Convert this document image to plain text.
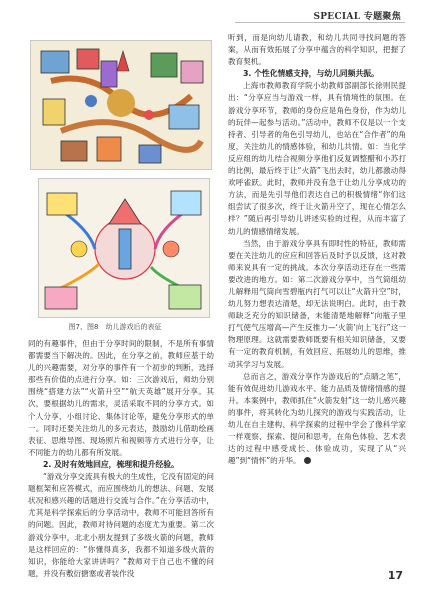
SPECIAL 专题聚焦
图7、图8　幼儿游戏后的表征

同的有趣事件，但由于分享时间的限制，不是所有事情都需要当下解决的。因此，在分享之前，教师应基于幼儿的兴趣需要，对分享的事件有一个初步的判断，选择那些有价值的点进行分享。如：三次游戏后，师幼分别围绕“搭建方法”“火箭升空”“航天英雄”展开分享。其次，要根据幼儿的需求，灵活采取不同的分享方式。如个人分享、小组讨论、集体讨论等，避免分享形式的单一。同时还要关注幼儿的多元表达，鼓励幼儿借助绘画表征、思维导图、现场照片和视频等方式进行分享，让不同能力的幼儿都有所发展。

2. 及时有效地回应，梳理和提升经验。

“游戏分享交流具有极大的生成性，它没有固定的问题框架和应答模式，而应围绕幼儿的想法、问题、发展状况和感兴趣的话题进行交流与合作。”在分享活动中，尤其是科学探索后的分享活动中，教师不可能回答所有的问题。因此，教师对待问题的态度尤为重要。第二次游戏分享中，北北小朋友提到了多级火箭的问题，教师是这样回应的：“你懂得真多，我都不知道多级火箭的知识，你能给大家讲讲吗？”教师对于自己也不懂的问题，并没有敷衍搪塞或者装作没

听到，而是向幼儿请教，和幼儿共同寻找问题的答案，从而有效拓展了分享中蕴含的科学知识，把握了教育契机。

3. 个性化情感支持，与幼儿同频共振。

上海市教师教育学院小幼教师部副部长徐则民提出：“分享应当与游戏一样，具有情境性的氛围。在游戏分享环节，教师的身份应是角色身份，作为幼儿的玩伴—起参与活动。”活动中，教师不仅是以一个支持者、引导者的角色引导幼儿，也站在“合作者”的角度，关注幼儿的情感体验，和幼儿共情。如：当化学反应组的幼儿结合视频分享他们反复调整醋和小苏打的比例，最后终于让“火箭”飞出去时，幼儿都激动得欢呼雀跃。此时，教师并没有急于让幼儿分享成功的方法，而是先引导他们表达自己的积极情绪“你们这组尝试了很多次，终于让火箭升空了，现在心情怎么样？”随后再引导幼儿讲述实验的过程，从而丰富了幼儿的情感情绪发展。

当然，由于游戏分享具有即时性的特征，教师需要在关注幼儿的应应和回答后及时予以反馈，这对教师来说具有一定的挑战。本次分享活动还存在一些需要改进的地方。如：第二次游戏分享中，当气筒组幼儿解释用气筒向雪碧瓶内打气可以让“火箭升空”时，幼儿努力想表达清楚，却无法说明白。此时，由于教师缺乏充分的知识储备，未能清楚地解释“向瓶子里打气使气压增高—产生反推力—‘火箭’向上飞行”这一物理原理。这就需要教师既要有相关知识储备，又要有一定的教育机制，有效回应、拓展幼儿的思维，推动其学习与发展。

总而言之，游戏分享作为游戏后的“点睛之笔”，能有效促进幼儿游戏水平、能力品质及情绪情感的提升。本案例中，教师抓住“火箭发射”这一幼儿感兴趣的事件，将其转化为幼儿探究的游戏与实践活动，让幼儿在自主建构、科学探索的过程中学会了像科学家一样观察、探索、提问和思考，在角色体验、艺术表达的过程中感受成长、体验成功，实现了从“兴趣”到“情怀”的升华。

17
